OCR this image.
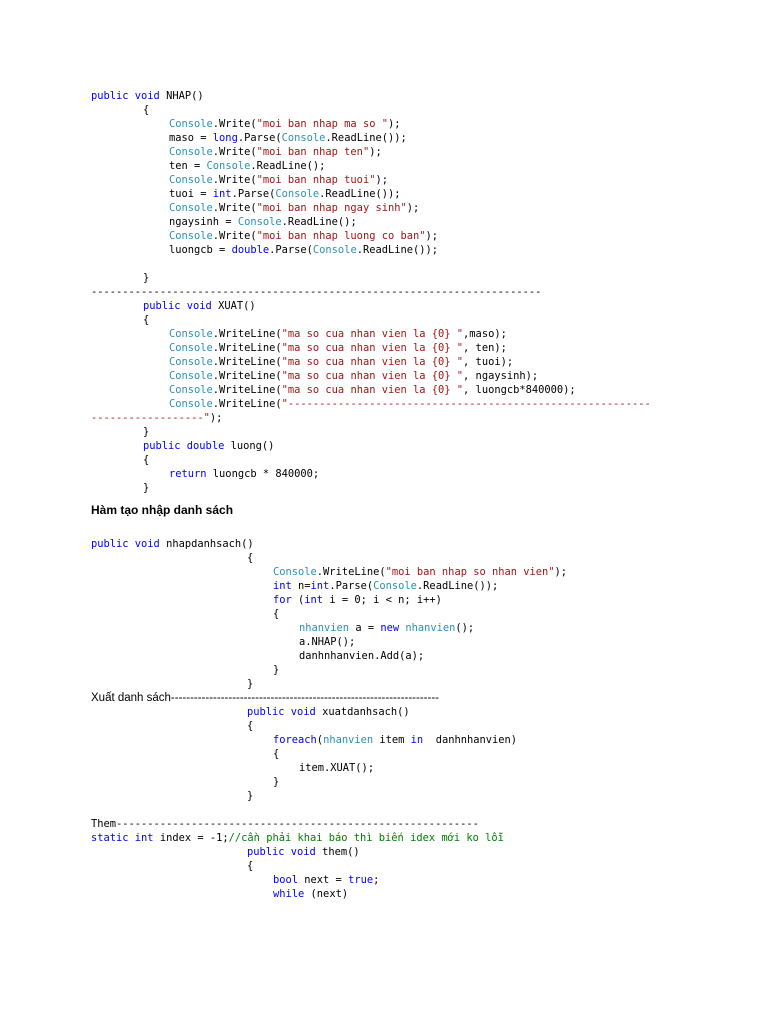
public void NHAP()
{
Console.Write("moi ban nhap ma so ");
maso = long.Parse(Console.ReadLine());
Console.Write("moi ban nhap ten");
ten = Console.ReadLine();
Console.Write("moi ban nhap tuoi");
tuoi = int.Parse(Console.ReadLine());
Console.Write("moi ban nhap ngay sinh");
ngaysinh = Console.ReadLine();
Console.Write("moi ban nhap luong co ban");
luongcb = double.Parse(Console.ReadLine());
}
------------------------------------------------------------------------
public void XUAT()
{
Console.WriteLine("ma so cua nhan vien la {0} ",maso);
Console.WriteLine("ma so cua nhan vien la {0} ", ten);
Console.WriteLine("ma so cua nhan vien la {0} ", tuoi);
Console.WriteLine("ma so cua nhan vien la {0} ", ngaysinh);
Console.WriteLine("ma so cua nhan vien la {0} ", luongcb*840000);
Console.WriteLine("----------------------------------------------------------
------------------");
}
public double luong()
{
return luongcb * 840000;
}
Hàm tạo nhập danh sách
public void nhapdanhsach()
{
Console.WriteLine("moi ban nhap so nhan vien");
int n=int.Parse(Console.ReadLine());
for (int i = 0; i < n; i++)
{
nhanvien a = new nhanvien();
a.NHAP();
danhnhanvien.Add(a);
}
}
Xuất danh sách----------------------------------------------------------------------
public void xuatdanhsach()
{
foreach(nhanvien item in  danhnhanvien)
{
item.XUAT();
}
}
Them----------------------------------------------------------
static int index = -1;//cần phải khai báo thì biến idex mới ko lỗi
public void them()
{
bool next = true;
while (next)
